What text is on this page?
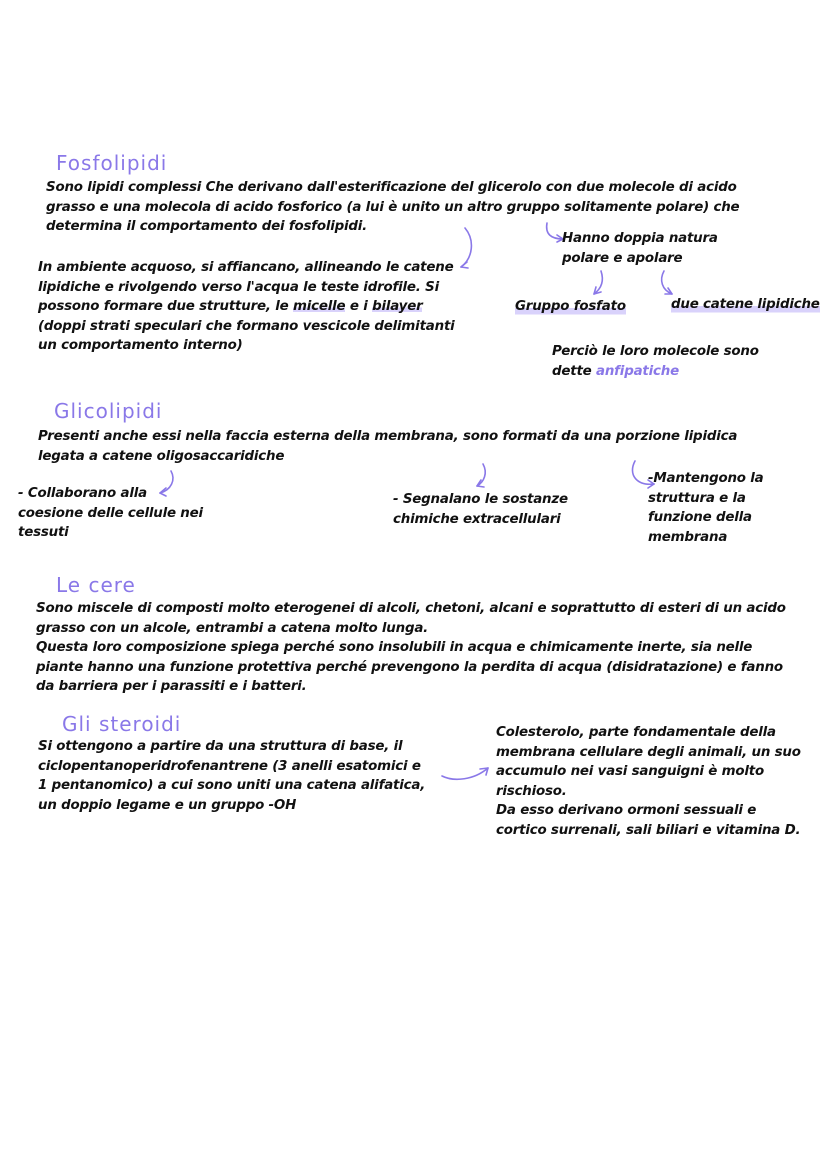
Fosfolipidi

Sono lipidi complessi Che derivano dall'esterificazione del glicerolo con due molecole di acido grasso e una molecola di acido fosforico (a lui è unito un altro gruppo solitamente polare) che determina il comportamento dei fosfolipidi.

In ambiente acquoso, si affiancano, allineando le catene lipidiche e rivolgendo verso l'acqua le teste idrofile. Si possono formare due strutture, le micelle e i bilayer (doppi strati speculari che formano vescicole delimitanti un comportamento interno)

Hanno doppia natura polare e apolare

Gruppo fosfato	due catene lipidiche

Perciò le loro molecole sono dette anfipatiche

Glicolipidi

Presenti anche essi nella faccia esterna della membrana, sono formati da una porzione lipidica legata a catene oligosaccaridiche

- Collaborano alla coesione delle cellule nei tessuti

- Segnalano le sostanze chimiche extracellulari

-Mantengono la struttura e la funzione della membrana

Le cere

Sono miscele di composti molto eterogenei di alcoli, chetoni, alcani e soprattutto di esteri di un acido grasso con un alcole, entrambi a catena molto lunga.

Questa loro composizione spiega perché sono insolubili in acqua e chimicamente inerte, sia nelle piante hanno una funzione protettiva perché prevengono la perdita di acqua (disidratazione) e fanno da barriera per i parassiti e i batteri.

Gli steroidi

Si ottengono a partire da una struttura di base, il ciclopentanoperidrofenantrene (3 anelli esatomici e 1 pentanomico) a cui sono uniti una catena alifatica, un doppio legame e un gruppo -OH

Colesterolo, parte fondamentale della membrana cellulare degli animali, un suo accumulo nei vasi sanguigni è molto rischioso.

Da esso derivano ormoni sessuali e cortico surrenali, sali biliari e vitamina D.
